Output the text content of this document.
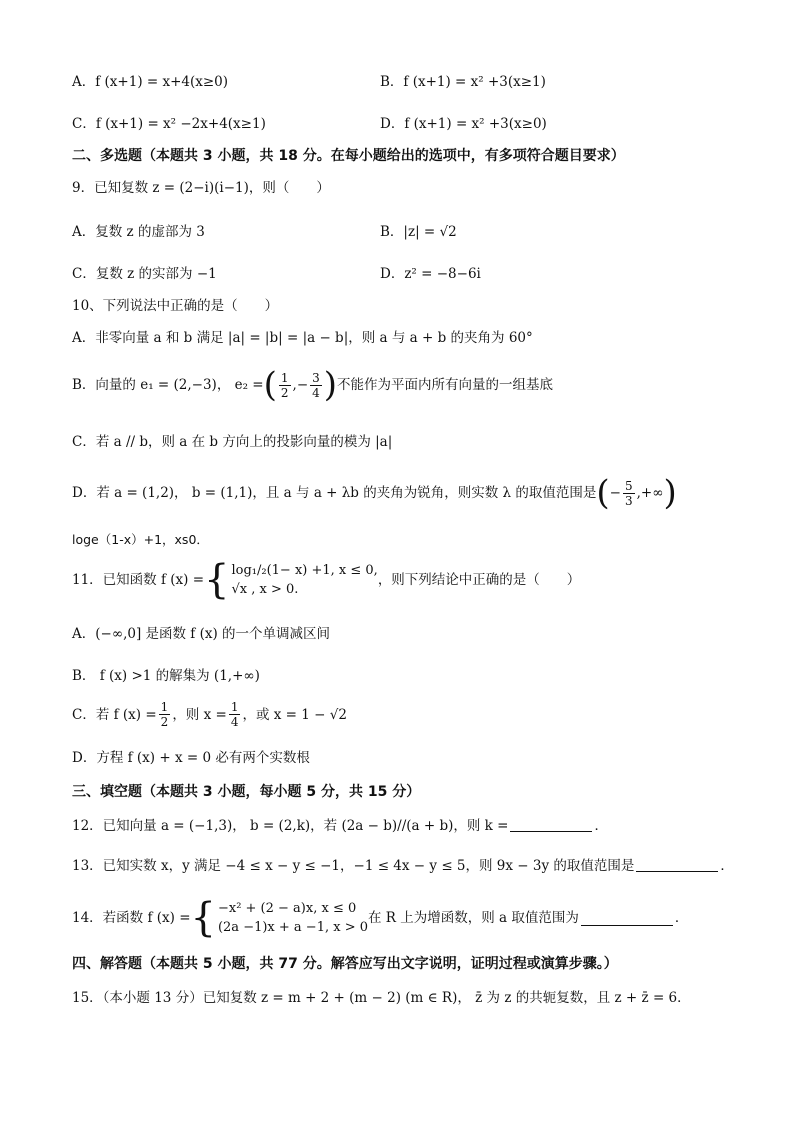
A．f (x+1) = x+4(x≥0)	B．f (x+1) = x² +3(x≥1)
C．f (x+1) = x² −2x+4(x≥1)	D．f (x+1) = x² +3(x≥0)
二、多选题（本题共 3 小题，共 18 分。在每小题给出的选项中，有多项符合题目要求）
9．已知复数 z = (2−i)(i−1)，则（　　）
A．复数 z 的虚部为 3	B．|z| = √2
C．复数 z 的实部为 −1	D．z² = −8−6i
10、下列说法中正确的是（　　）
A．非零向量 a 和 b 满足 |a| = |b| = |a − b|，则 a 与 a + b 的夹角为 60°
B．向量的 e₁ = (2,−3)， e₂ = ( $\frac{1}{2}$ ,− $\frac{3}{4}$ ) 不能作为平面内所有向量的一组基底
C．若 a // b，则 a 在 b 方向上的投影向量的模为 |a|
D．若 a = (1,2)， b = (1,1)，且 a 与 a + λb 的夹角为锐角，则实数 λ 的取值范围是 ( − $\frac{5}{3}$ ,+∞ )
loge（1-x）+1，xs0．
11．已知函数 f (x) = { log₁/₂(1− x) +1, x ≤ 0,
√x , x > 0.
，则下列结论中正确的是（　　）
A．(−∞,0] 是函数 f (x) 的一个单调减区间
B． f (x) >1 的解集为 (1,+∞)
C．若 f $(x) = \frac{1}{2}$ ，则 $x = \frac{1}{4}$ ，或 x = 1 − √2
D．方程 f (x) + x = 0 必有两个实数根
三、填空题（本题共 3 小题，每小题 5 分，共 15 分）
12．已知向量 a = (−1,3)， b = (2,k)，若 (2a − b)//(a + b)，则 k =	．
13．已知实数 x，y 满足 −4 ≤ x − y ≤ −1，−1 ≤ 4x − y ≤ 5，则 9x − 3y 的取值范围是	．
14．若函数 f (x) = { −x² + (2 − a)x, x ≤ 0
(2a −1)x + a −1, x > 0
在 R 上为增函数，则 a 取值范围为	．
四、解答题（本题共 5 小题，共 77 分。解答应写出文字说明，证明过程或演算步骤。）
15．（本小题 13 分）已知复数 z = m + 2 + (m − 2) (m ∈ R)， z̄ 为 z 的共轭复数，且 z + z̄ = 6．
